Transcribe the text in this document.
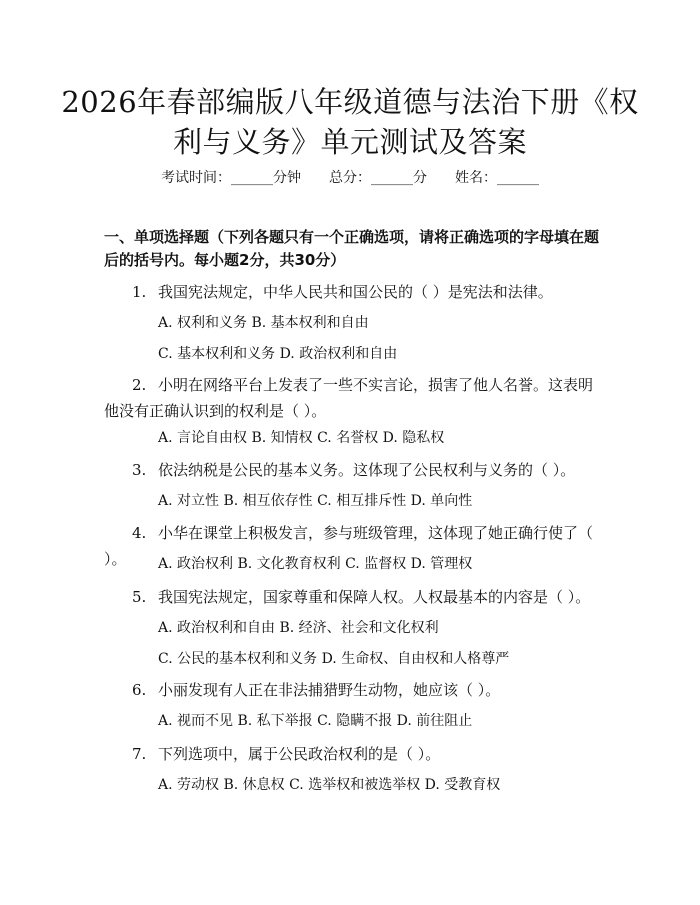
2026年春部编版八年级道德与法治下册《权利与义务》单元测试及答案
考试时间：______分钟 总分：______分 姓名：______
一、单项选择题（下列各题只有一个正确选项，请将正确选项的字母填在题后的括号内。每小题2分，共30分）
1. 我国宪法规定，中华人民共和国公民的（ ）是宪法和法律。
A. 权利和义务 B. 基本权利和自由
C. 基本权利和义务 D. 政治权利和自由
2. 小明在网络平台上发表了一些不实言论，损害了他人名誉。这表明他没有正确认识到的权利是（ ）。
A. 言论自由权 B. 知情权 C. 名誉权 D. 隐私权
3. 依法纳税是公民的基本义务。这体现了公民权利与义务的（ ）。
A. 对立性 B. 相互依存性 C. 相互排斥性 D. 单向性
4. 小华在课堂上积极发言，参与班级管理，这体现了她正确行使了（ ）。	A. 政治权利 B. 文化教育权利 C. 监督权 D. 管理权
5. 我国宪法规定，国家尊重和保障人权。人权最基本的内容是（ ）。
A. 政治权利和自由 B. 经济、社会和文化权利
C. 公民的基本权利和义务 D. 生命权、自由权和人格尊严
6. 小丽发现有人正在非法捕猎野生动物，她应该（ ）。
A. 视而不见 B. 私下举报 C. 隐瞒不报 D. 前往阻止
7. 下列选项中，属于公民政治权利的是（ ）。
A. 劳动权 B. 休息权 C. 选举权和被选举权 D. 受教育权
